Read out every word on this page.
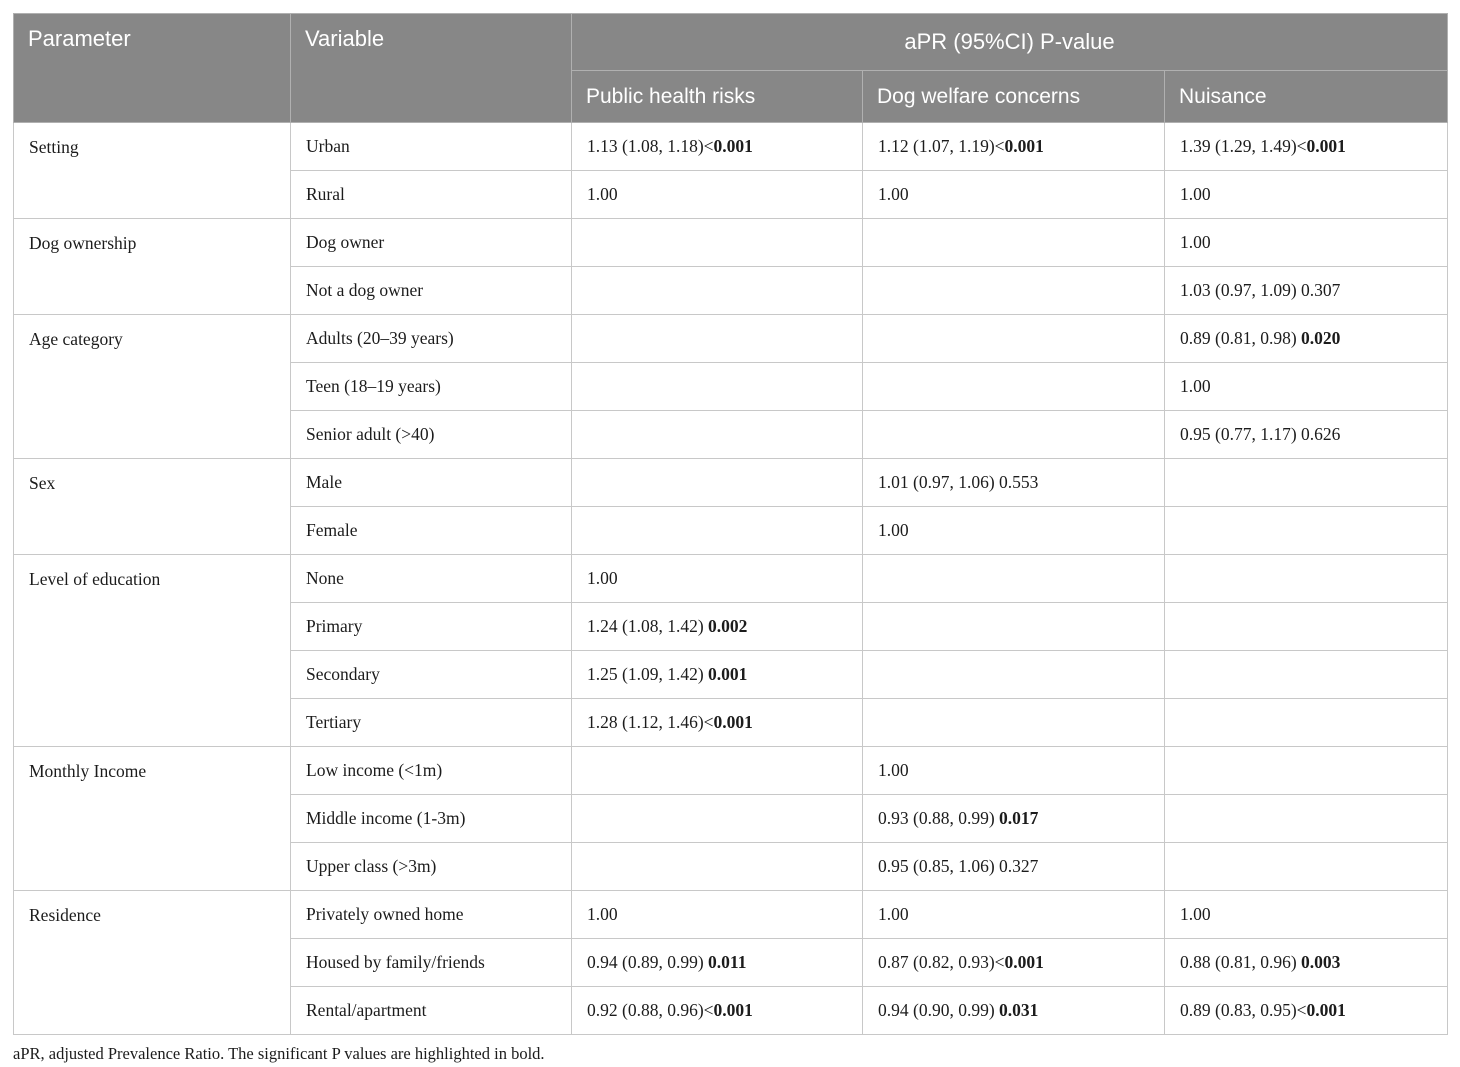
Parameter	Variable	aPR (95%CI) P-value		
		Public health risks	Dog welfare concerns	Nuisance
Setting	Urban	1.13 (1.08, 1.18)<0.001	1.12 (1.07, 1.19)<0.001	1.39 (1.29, 1.49)<0.001
	Rural	1.00	1.00	1.00
Dog ownership	Dog owner			1.00
	Not a dog owner			1.03 (0.97, 1.09) 0.307
Age category	Adults (20–39 years)			0.89 (0.81, 0.98) 0.020
	Teen (18–19 years)			1.00
	Senior adult (>40)			0.95 (0.77, 1.17) 0.626
Sex	Male		1.01 (0.97, 1.06) 0.553	
	Female		1.00	
Level of education	None	1.00		
	Primary	1.24 (1.08, 1.42) 0.002		
	Secondary	1.25 (1.09, 1.42) 0.001		
	Tertiary	1.28 (1.12, 1.46)<0.001		
Monthly Income	Low income (<1m)		1.00	
	Middle income (1-3m)		0.93 (0.88, 0.99) 0.017	
	Upper class (>3m)		0.95 (0.85, 1.06) 0.327	
Residence	Privately owned home	1.00	1.00	1.00
	Housed by family/friends	0.94 (0.89, 0.99) 0.011	0.87 (0.82, 0.93)<0.001	0.88 (0.81, 0.96) 0.003
	Rental/apartment	0.92 (0.88, 0.96)<0.001	0.94 (0.90, 0.99) 0.031	0.89 (0.83, 0.95)<0.001

aPR, adjusted Prevalence Ratio. The significant P values are highlighted in bold.
